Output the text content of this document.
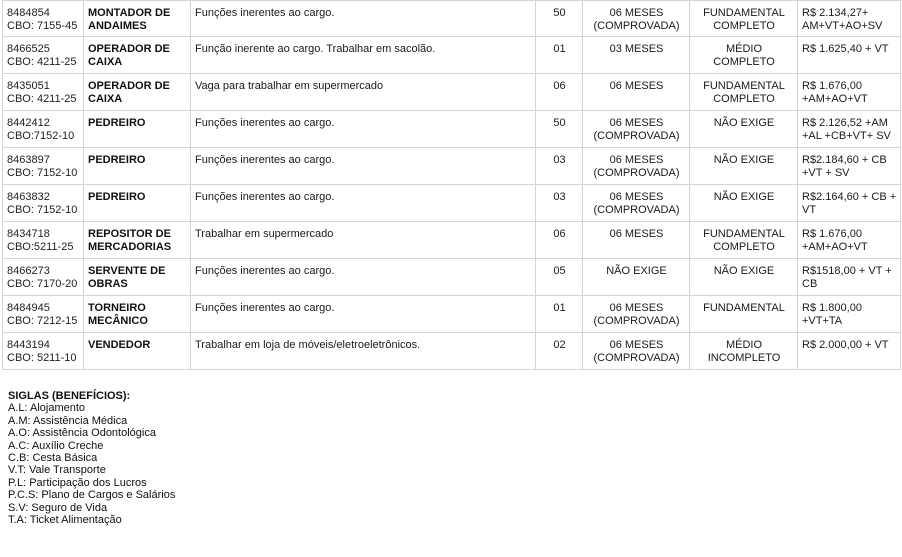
8484854
CBO: 7155-45	MONTADOR DE ANDAIMES	Funções inerentes ao cargo.	50	06 MESES (COMPROVADA)	FUNDAMENTAL COMPLETO	R$ 2.134,27+ AM+VT+AO+SV

8466525
CBO: 4211-25	OPERADOR DE CAIXA	Função inerente ao cargo. Trabalhar em sacolão.	01	03 MESES	MÉDIO COMPLETO	R$ 1.625,40 + VT

8435051
CBO: 4211-25	OPERADOR DE CAIXA	Vaga para trabalhar em supermercado	06	06 MESES	FUNDAMENTAL COMPLETO	R$ 1.676,00 +AM+AO+VT

8442412
CBO:7152-10	PEDREIRO	Funções inerentes ao cargo.	50	06 MESES (COMPROVADA)	NÃO EXIGE	R$ 2.126,52 +AM +AL +CB+VT+ SV

8463897
CBO: 7152-10	PEDREIRO	Funções inerentes ao cargo.	03	06 MESES (COMPROVADA)	NÃO EXIGE	R$2.184,60 + CB +VT + SV

8463832
CBO: 7152-10	PEDREIRO	Funções inerentes ao cargo.	03	06 MESES (COMPROVADA)	NÃO EXIGE	R$2.164,60 + CB + VT

8434718
CBO:5211-25	REPOSITOR DE MERCADORIAS	Trabalhar em supermercado	06	06 MESES	FUNDAMENTAL COMPLETO	R$ 1.676,00 +AM+AO+VT

8466273
CBO: 7170-20	SERVENTE DE OBRAS	Funções inerentes ao cargo.	05	NÃO EXIGE	NÃO EXIGE	R$1518,00 + VT + CB

8484945
CBO: 7212-15	TORNEIRO MECÂNICO	Funções inerentes ao cargo.	01	06 MESES (COMPROVADA)	FUNDAMENTAL	R$ 1.800,00 +VT+TA

8443194
CBO: 5211-10	VENDEDOR	Trabalhar em loja de móveis/eletroeletrônicos.	02	06 MESES (COMPROVADA)	MÉDIO INCOMPLETO	R$ 2.000,00 + VT
SIGLAS (BENEFÍCIOS):
A.L: Alojamento
A.M: Assistência Médica
A.O: Assistência Odontológica
A.C: Auxílio Creche
C.B: Cesta Básica
V.T: Vale Transporte
P.L: Participação dos Lucros
P.C.S: Plano de Cargos e Salários
S.V: Seguro de Vida
T.A: Ticket Alimentação
